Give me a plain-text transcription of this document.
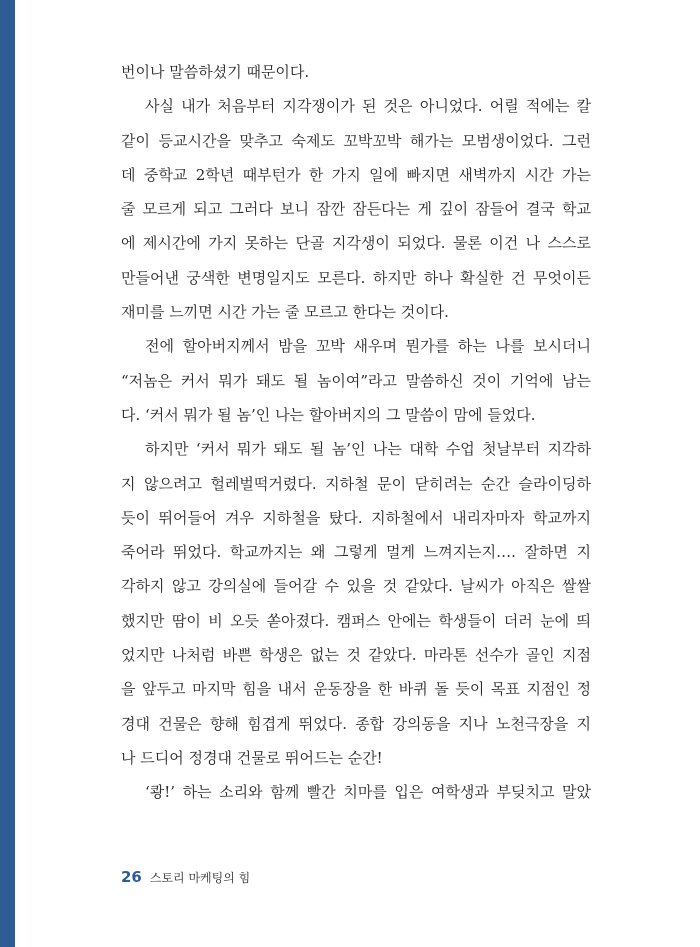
번이나 말씀하셨기 때문이다.
사실 내가 처음부터 지각쟁이가 된 것은 아니었다. 어릴 적에는 칼
같이 등교시간을 맞추고 숙제도 꼬박꼬박 해가는 모범생이었다. 그런
데 중학교 2학년 때부턴가 한 가지 일에 빠지면 새벽까지 시간 가는
줄 모르게 되고 그러다 보니 잠깐 잠든다는 게 깊이 잠들어 결국 학교
에 제시간에 가지 못하는 단골 지각생이 되었다. 물론 이건 나 스스로
만들어낸 궁색한 변명일지도 모른다. 하지만 하나 확실한 건 무엇이든
재미를 느끼면 시간 가는 줄 모르고 한다는 것이다.
전에 할아버지께서 밤을 꼬박 새우며 뭔가를 하는 나를 보시더니
“저놈은 커서 뭐가 돼도 될 놈이여”라고 말씀하신 것이 기억에 남는
다. ‘커서 뭐가 될 놈’인 나는 할아버지의 그 말씀이 맘에 들었다.
하지만 ‘커서 뭐가 돼도 될 놈’인 나는 대학 수업 첫날부터 지각하
지 않으려고 헐레벌떡거렸다. 지하철 문이 닫히려는 순간 슬라이딩하
듯이 뛰어들어 겨우 지하철을 탔다. 지하철에서 내리자마자 학교까지
죽어라 뛰었다. 학교까지는 왜 그렇게 멀게 느껴지는지…. 잘하면 지
각하지 않고 강의실에 들어갈 수 있을 것 같았다. 날씨가 아직은 쌀쌀
했지만 땀이 비 오듯 쏟아졌다. 캠퍼스 안에는 학생들이 더러 눈에 띄
었지만 나처럼 바쁜 학생은 없는 것 같았다. 마라톤 선수가 골인 지점
을 앞두고 마지막 힘을 내서 운동장을 한 바퀴 돌 듯이 목표 지점인 정
경대 건물은 향해 힘겹게 뛰었다. 종합 강의동을 지나 노천극장을 지
나 드디어 정경대 건물로 뛰어드는 순간!
‘쾅!’ 하는 소리와 함께 빨간 치마를 입은 여학생과 부딪치고 말았
26 스토리 마케팅의 힘
